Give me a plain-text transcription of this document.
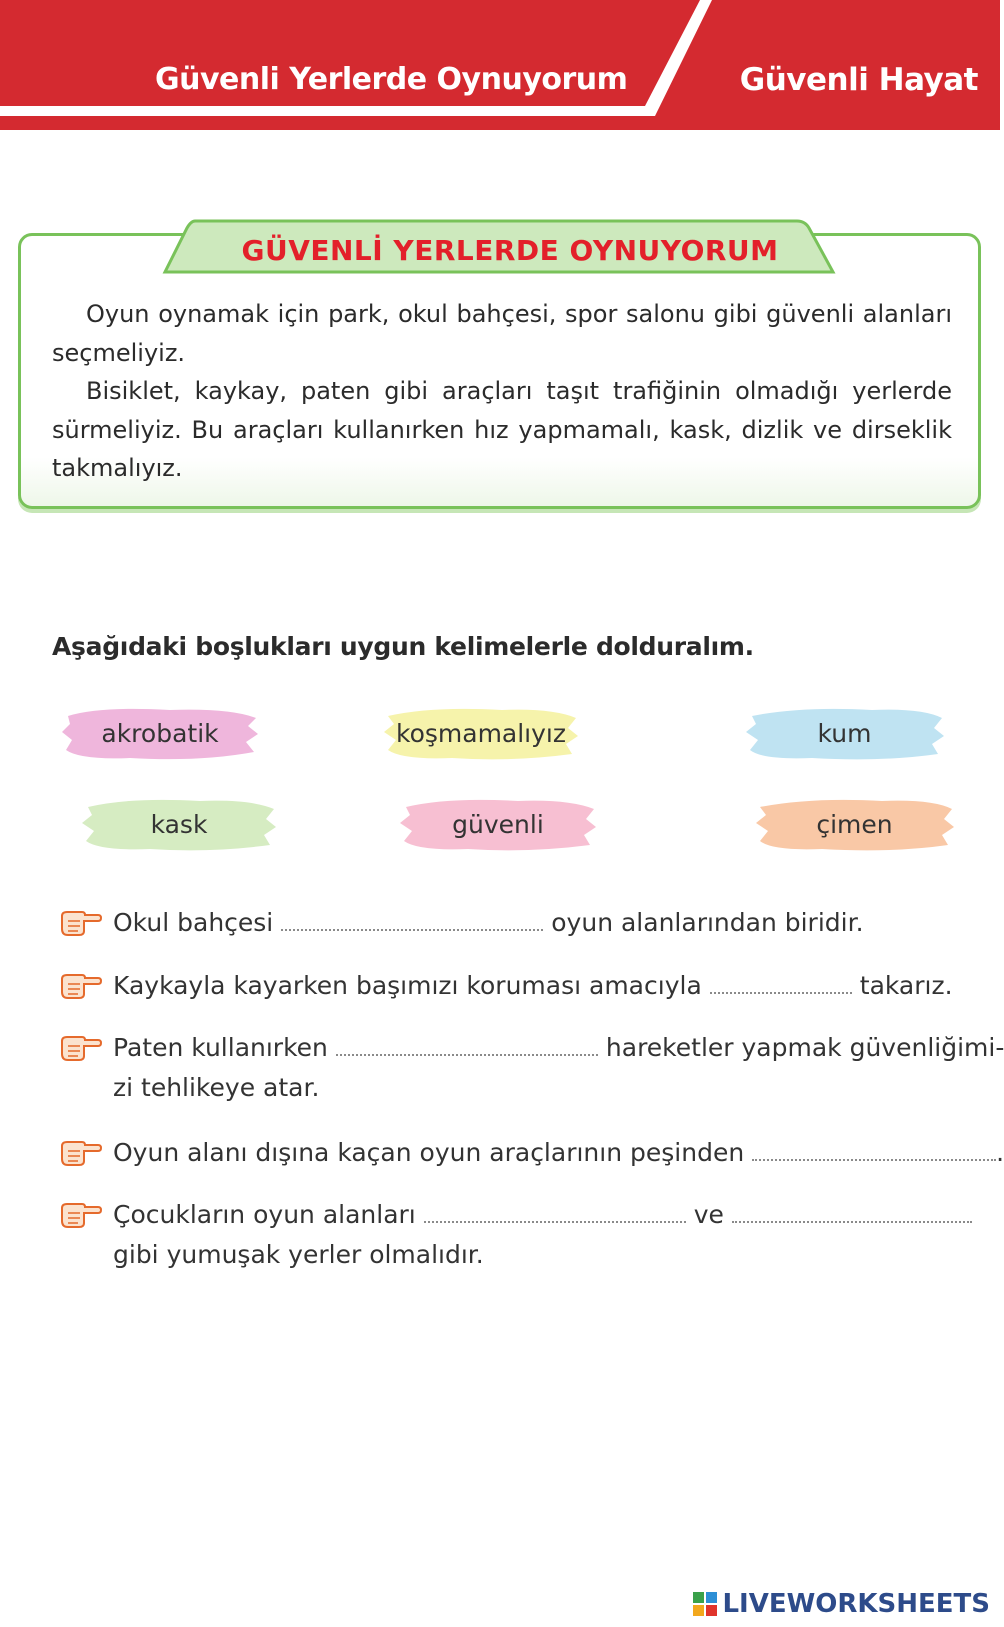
Güvenli Yerlerde Oynuyorum	Güvenli Hayat
GÜVENLİ YERLERDE OYNUYORUM

Oyun oynamak için park, okul bahçesi, spor salonu gibi güvenli alanları seçmeliyiz.

Bisiklet, kaykay, paten gibi araçları taşıt trafiğinin olmadığı yerlerde sürmeliyiz. Bu araçları kullanırken hız yapmamalı, kask, dizlik ve dirseklik takmalıyız.

Aşağıdaki boşlukları uygun kelimelerle dolduralım.
akrobatik	koşmamalıyız	kum
kask	güvenli	çimen
Okul bahçesi	oyun alanlarından biridir.
Kaykayla kayarken başımızı koruması amacıyla	takarız.
Paten kullanırken	hareketler yapmak güvenliğimi-
zi tehlikeye atar.
Oyun alanı dışına kaçan oyun araçlarının peşinden	.
Çocukların oyun alanları	ve
gibi yumuşak yerler olmalıdır.
LIVEWORKSHEETS
